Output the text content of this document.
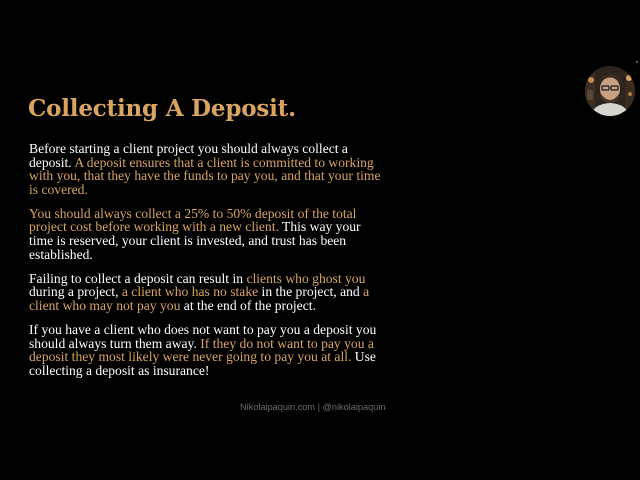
Collecting A Deposit.

Before starting a client project you should always collect a deposit. A deposit ensures that a client is committed to working with you, that they have the funds to pay you, and that your time is covered.

You should always collect a 25% to 50% deposit of the total project cost before working with a new client. This way your time is reserved, your client is invested, and trust has been established.

Failing to collect a deposit can result in clients who ghost you during a project, a client who has no stake in the project, and a client who may not pay you at the end of the project.

If you have a client who does not want to pay you a deposit you should always turn them away. If they do not want to pay you a deposit they most likely were never going to pay you at all. Use collecting a deposit as insurance!

Nikolaipaquin.com | @nikolaipaquin
